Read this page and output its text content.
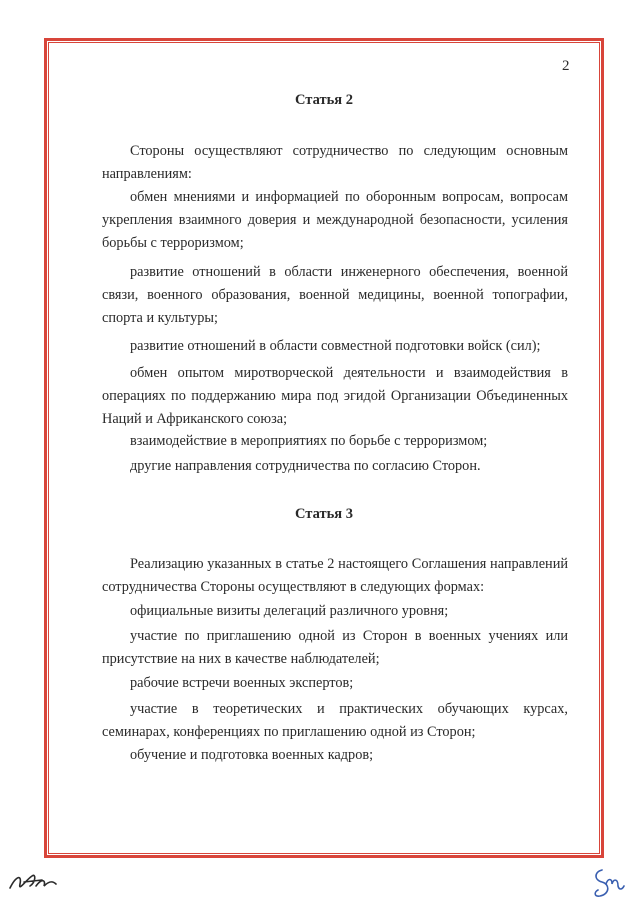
2
Статья 2
Стороны осуществляют сотрудничество по следующим основным направлениям:
обмен мнениями и информацией по оборонным вопросам, вопросам укрепления взаимного доверия и международной безопасности, усиления борьбы с терроризмом;
развитие отношений в области инженерного обеспечения, военной связи, военного образования, военной медицины, военной топографии, спорта и культуры;
развитие отношений в области совместной подготовки войск (сил);
обмен опытом миротворческой деятельности и взаимодействия в операциях по поддержанию мира под эгидой Организации Объединенных Наций и Африканского союза;
взаимодействие в мероприятиях по борьбе с терроризмом;
другие направления сотрудничества по согласию Сторон.
Статья 3
Реализацию указанных в статье 2 настоящего Соглашения направлений сотрудничества Стороны осуществляют в следующих формах:
официальные визиты делегаций различного уровня;
участие по приглашению одной из Сторон в военных учениях или присутствие на них в качестве наблюдателей;
рабочие встречи военных экспертов;
участие в теоретических и практических обучающих курсах, семинарах, конференциях по приглашению одной из Сторон;
обучение и подготовка военных кадров;
